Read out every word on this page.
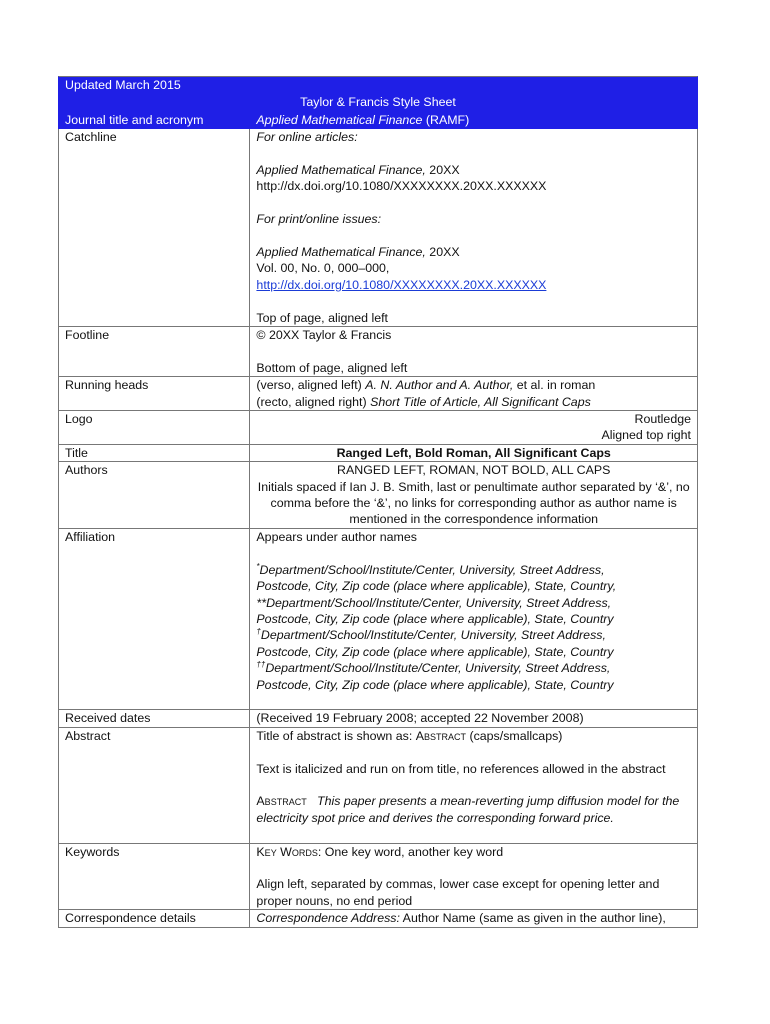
Updated March 2015
Taylor & Francis Style Sheet
Journal title and acronym	Applied Mathematical Finance (RAMF)
Catchline	For online articles:
Applied Mathematical Finance, 20XX
http://dx.doi.org/10.1080/XXXXXXXX.20XX.XXXXXX
For print/online issues:
Applied Mathematical Finance, 20XX
Vol. 00, No. 0, 000–000,
http://dx.doi.org/10.1080/XXXXXXXX.20XX.XXXXXX
Top of page, aligned left
Footline	© 20XX Taylor & Francis
Bottom of page, aligned left
Running heads	(verso, aligned left) A. N. Author and A. Author, et al. in roman
(recto, aligned right) Short Title of Article, All Significant Caps
Logo	Routledge
Aligned top right
Title	Ranged Left, Bold Roman, All Significant Caps
Authors	RANGED LEFT, ROMAN, NOT BOLD, ALL CAPS
Initials spaced if Ian J. B. Smith, last or penultimate author separated by ‘&’, no comma before the ‘&’, no links for corresponding author as author name is mentioned in the correspondence information
Affiliation	Appears under author names
*Department/School/Institute/Center, University, Street Address,
Postcode, City, Zip code (place where applicable), State, Country,
**Department/School/Institute/Center, University, Street Address,
Postcode, City, Zip code (place where applicable), State, Country
†Department/School/Institute/Center, University, Street Address,
Postcode, City, Zip code (place where applicable), State, Country
††Department/School/Institute/Center, University, Street Address,
Postcode, City, Zip code (place where applicable), State, Country
Received dates	(Received 19 February 2008; accepted 22 November 2008)
Abstract	Title of abstract is shown as: Abstract (caps/smallcaps)
Text is italicized and run on from title, no references allowed in the abstract
Abstract This paper presents a mean-reverting jump diffusion model for the electricity spot price and derives the corresponding forward price.
Keywords	Key Words: One key word, another key word
Align left, separated by commas, lower case except for opening letter and proper nouns, no end period
Correspondence details	Correspondence Address: Author Name (same as given in the author line),
